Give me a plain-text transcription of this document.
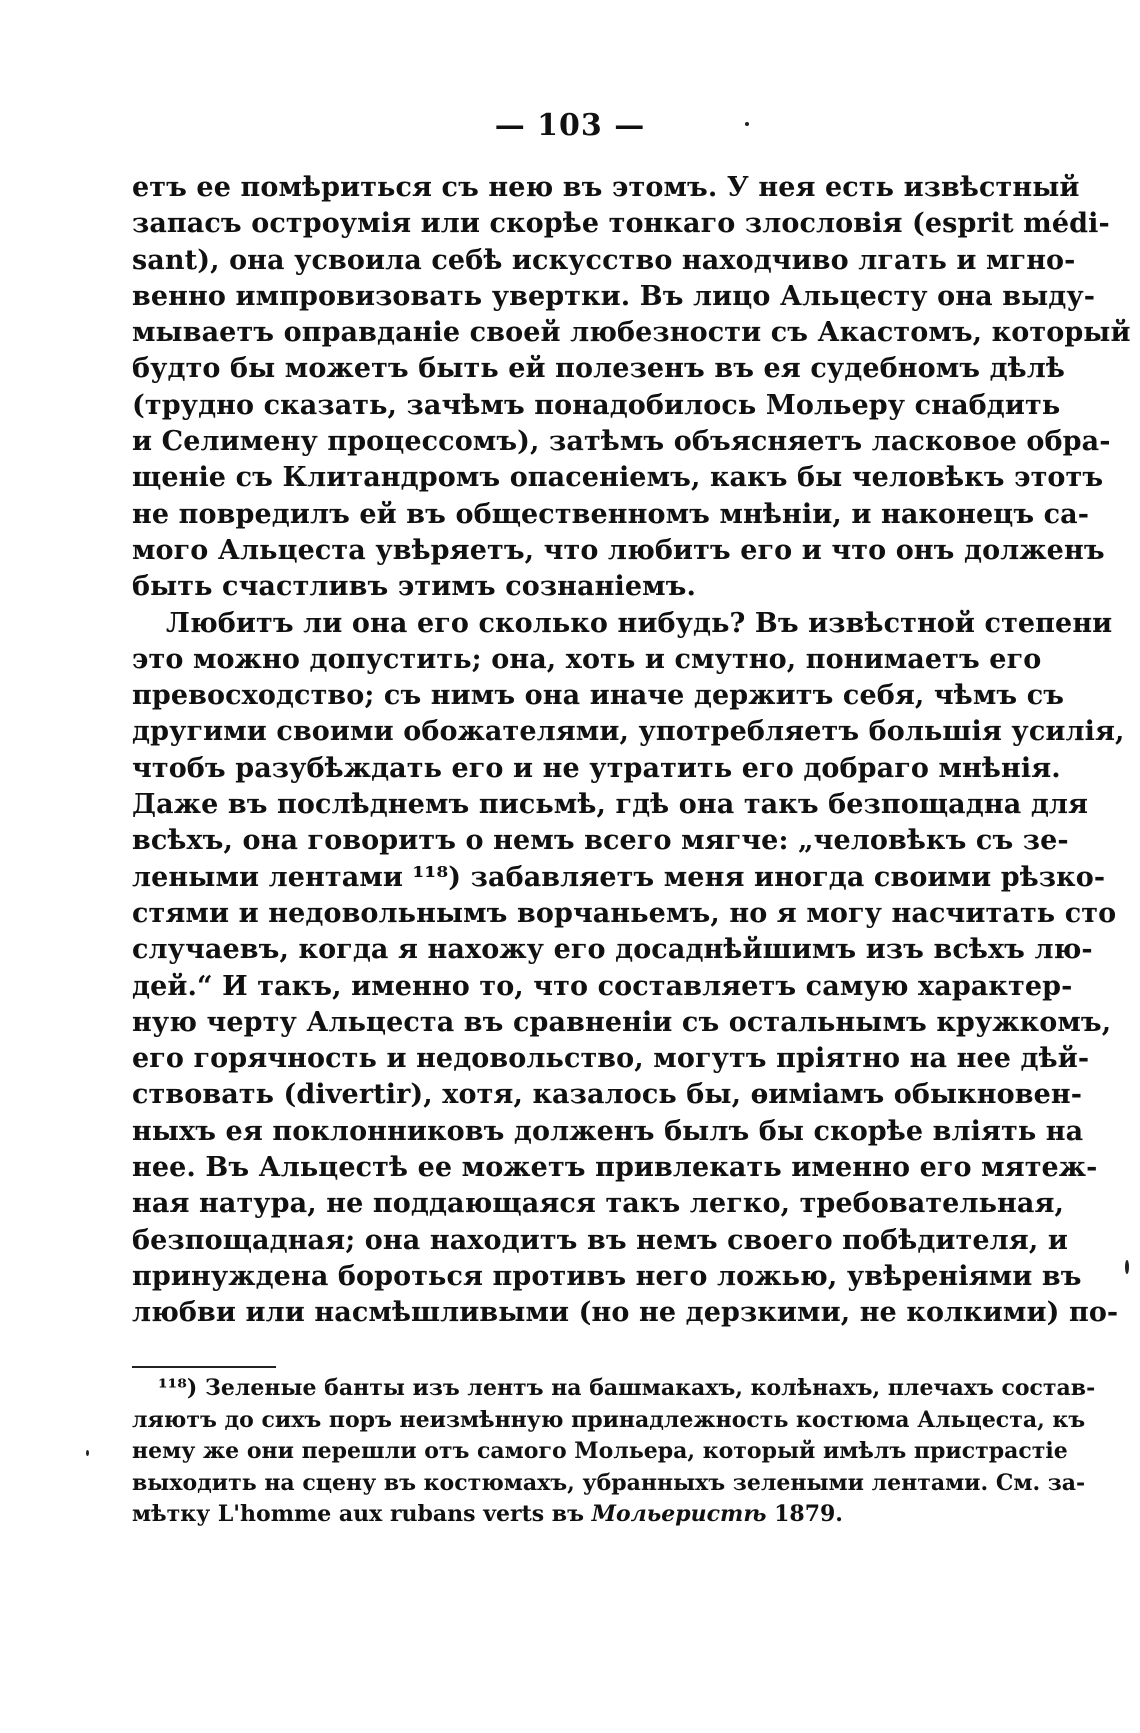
— 103 —
етъ ее помѣриться съ нею въ этомъ. У нея есть извѣстный
запасъ остроумія или скорѣе тонкаго злословія (esprit médi-
sant), она усвоила себѣ искусство находчиво лгать и мгно-
венно импровизовать увертки. Въ лицо Альцесту она выду-
мываетъ оправданіе своей любезности съ Акастомъ, который
будто бы можетъ быть ей полезенъ въ ея судебномъ дѣлѣ
(трудно сказать, зачѣмъ понадобилось Мольеру снабдить
и Селимену процессомъ), затѣмъ объясняетъ ласковое обра-
щеніе съ Клитандромъ опасеніемъ, какъ бы человѣкъ этотъ
не повредилъ ей въ общественномъ мнѣніи, и наконецъ са-
мого Альцеста увѣряетъ, что любитъ его и что онъ долженъ
быть счастливъ этимъ сознаніемъ.
Любитъ ли она его сколько нибудь? Въ извѣстной степени
это можно допустить; она, хоть и смутно, понимаетъ его
превосходство; съ нимъ она иначе держитъ себя, чѣмъ съ
другими своими обожателями, употребляетъ большія усилія,
чтобъ разубѣждать его и не утратить его добраго мнѣнія.
Даже въ послѣднемъ письмѣ, гдѣ она такъ безпощадна для
всѣхъ, она говоритъ о немъ всего мягче: „человѣкъ съ зе-
леными лентами ¹¹⁸) забавляетъ меня иногда своими рѣзко-
стями и недовольнымъ ворчаньемъ, но я могу насчитать сто
случаевъ, когда я нахожу его досаднѣйшимъ изъ всѣхъ лю-
дей.“ И такъ, именно то, что составляетъ самую характер-
ную черту Альцеста въ сравненіи съ остальнымъ кружкомъ,
его горячность и недовольство, могутъ пріятно на нее дѣй-
ствовать (divertir), хотя, казалось бы, ѳиміамъ обыкновен-
ныхъ ея поклонниковъ долженъ былъ бы скорѣе вліять на
нее. Въ Альцестѣ ее можетъ привлекать именно его мятеж-
ная натура, не поддающаяся такъ легко, требовательная,
безпощадная; она находитъ въ немъ своего побѣдителя, и
принуждена бороться противъ него ложью, увѣреніями въ
любви или насмѣшливыми (но не дерзкими, не колкими) по-
¹¹⁸) Зеленые банты изъ лентъ на башмакахъ, колѣнахъ, плечахъ состав-
ляютъ до сихъ поръ неизмѣнную принадлежность костюма Альцеста, къ
нему же они перешли отъ самого Мольера, который имѣлъ пристрастіе
выходить на сцену въ костюмахъ, убранныхъ зелеными лентами. См. за-
мѣтку L'homme aux rubans verts въ Мольеристѣ 1879.
